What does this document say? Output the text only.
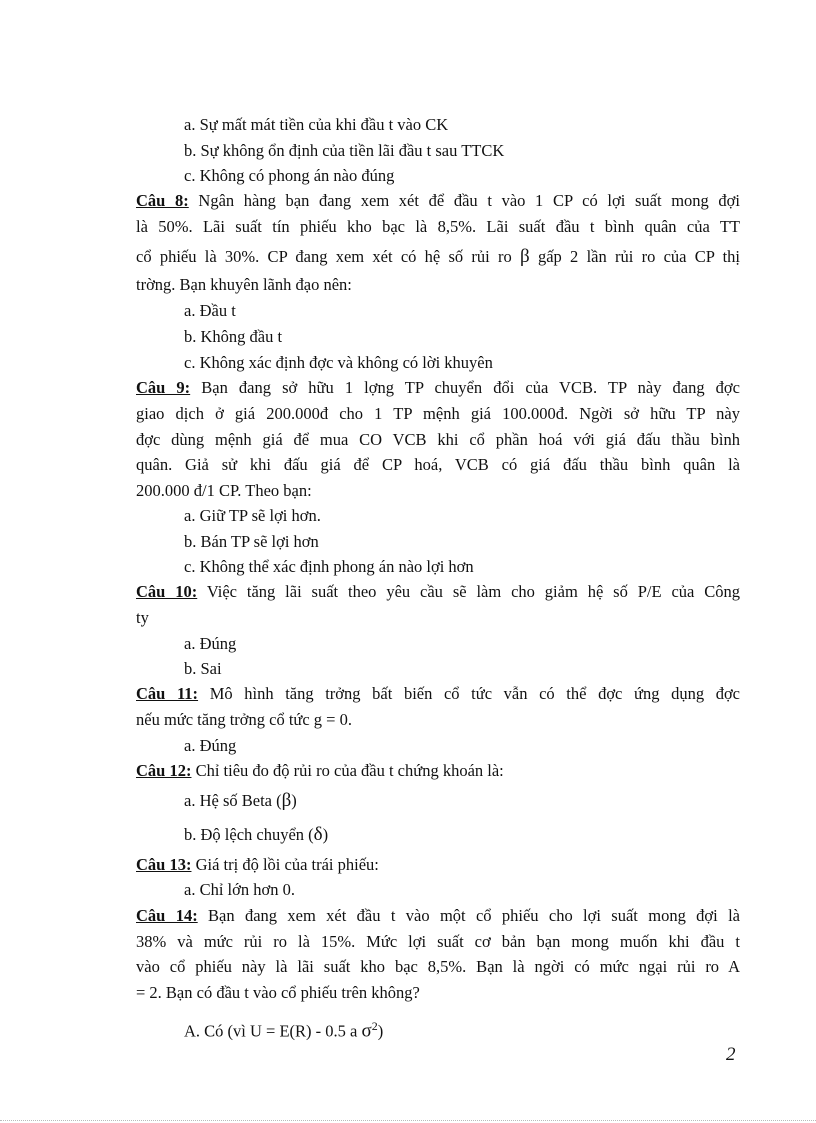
a. Sự mất mát tiền của khi đầu t vào CK
b. Sự không ổn định của tiền lãi đầu t sau TTCK
c. Không có phong án nào đúng
Câu 8: Ngân hàng bạn đang xem xét để đầu t vào 1 CP có lợi suất mong đợi
là 50%. Lãi suất tín phiếu kho bạc là 8,5%. Lãi suất đầu t bình quân của TT
cổ phiếu là 30%. CP đang xem xét có hệ số rủi ro β gấp 2 lần rủi ro của CP thị
trờng. Bạn khuyên lãnh đạo nên:
a. Đầu t
b. Không đầu t
c. Không xác định đợc và không có lời khuyên
Câu 9: Bạn đang sở hữu 1 lợng TP chuyển đổi của VCB. TP này đang đợc
giao dịch ở giá 200.000đ cho 1 TP mệnh giá 100.000đ. Ngời sở hữu TP này
đợc dùng mệnh giá để mua CO VCB khi cổ phần hoá với giá đấu thầu bình
quân. Giả sử khi đấu giá để CP hoá, VCB có giá đấu thầu bình quân là
200.000 đ/1 CP. Theo bạn:
a. Giữ TP sẽ lợi hơn.
b. Bán TP sẽ lợi hơn
c. Không thể xác định phong án nào lợi hơn
Câu 10: Việc tăng lãi suất theo yêu cầu sẽ làm cho giảm hệ số P/E của Công
ty
a. Đúng
b. Sai
Câu 11: Mô hình tăng trởng bất biến cổ tức vẫn có thể đợc ứng dụng đợc
nếu mức tăng trởng cổ tức g = 0.
a. Đúng
Câu 12: Chỉ tiêu đo độ rủi ro của đầu t chứng khoán là:
a. Hệ số Beta (β)
b. Độ lệch chuyển (δ)
Câu 13: Giá trị độ lồi của trái phiếu:
a. Chỉ lớn hơn 0.
Câu 14: Bạn đang xem xét đầu t vào một cổ phiếu cho lợi suất mong đợi là
38% và mức rủi ro là 15%. Mức lợi suất cơ bản bạn mong muốn khi đầu t
vào cổ phiếu này là lãi suất kho bạc 8,5%. Bạn là ngời có mức ngại rủi ro A
= 2. Bạn có đầu t vào cổ phiếu trên không?
A. Có (vì U = E(R) - 0.5 a $\sigma^2$)
2
